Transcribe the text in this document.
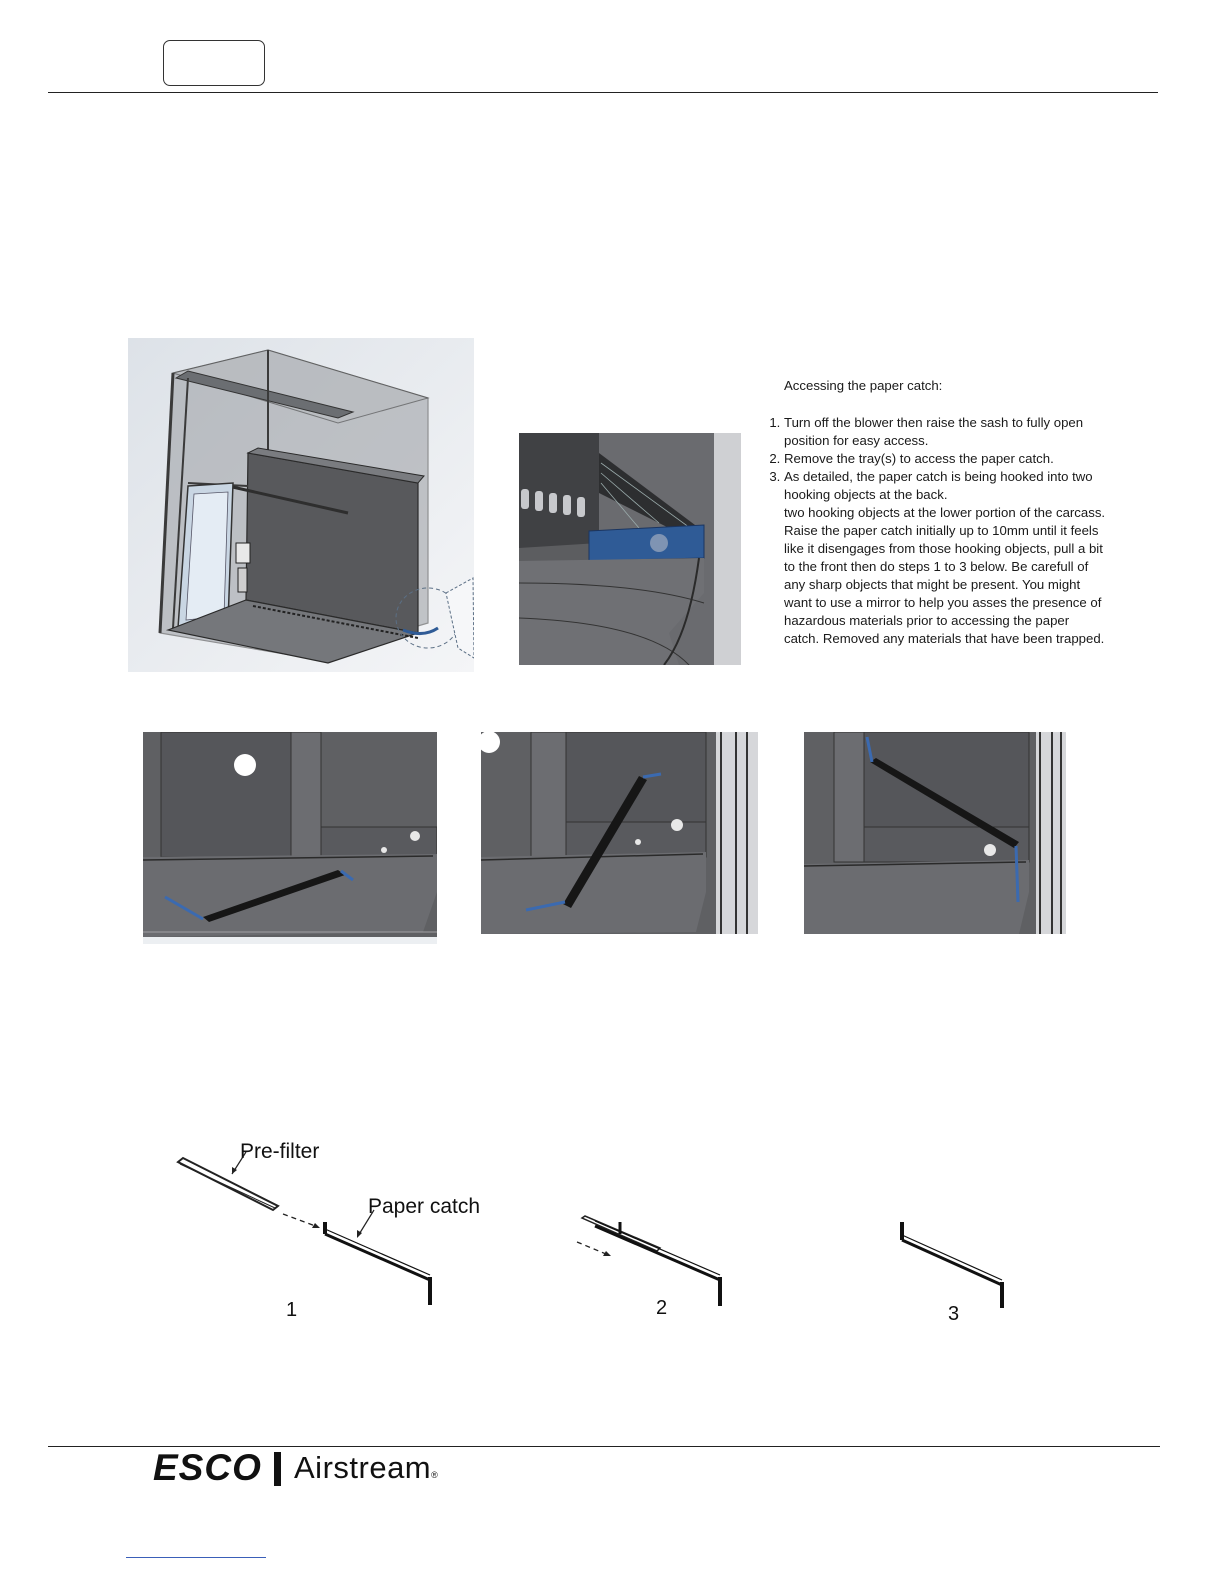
Accessing the paper catch:
1. Turn off the blower then raise the sash to fully open position for easy access.
2. Remove the tray(s) to access the paper catch.
3. As detailed, the paper catch is being hooked into two hooking objects at the back.
two hooking objects at the lower portion of the carcass. Raise the paper catch initially up to 10mm until it feels like it disengages from those hooking objects, pull a bit to the front then do steps 1 to 3 below. Be carefull of any sharp objects that might be present. You might want to use a mirror to help you asses the presence of hazardous materials prior to accessing the paper catch. Removed any materials that have been trapped.
Pre-filter
Paper catch
1	2	3
ESCO Airstream®
